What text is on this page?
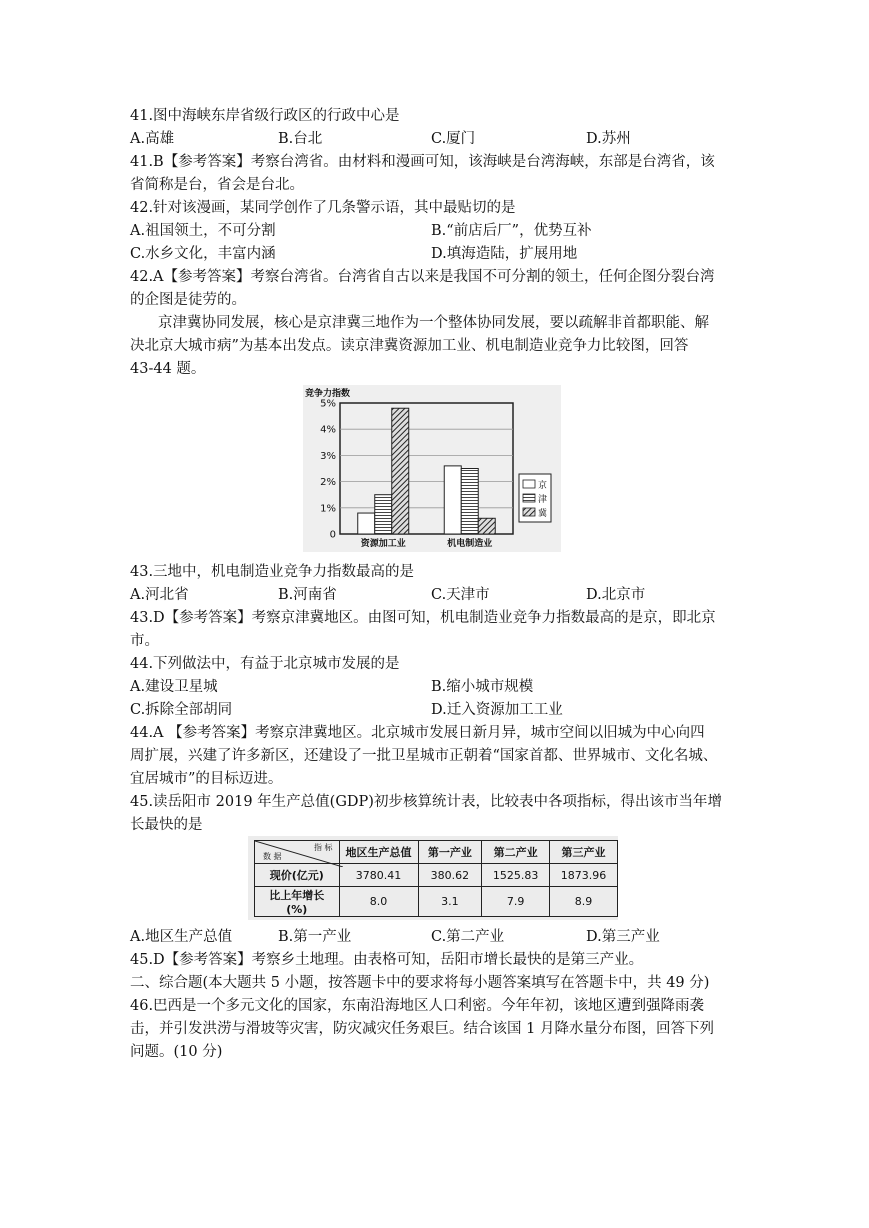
41.图中海峡东岸省级行政区的行政中心是
A.高雄	B.台北	C.厦门	D.苏州
41.B【参考答案】考察台湾省。由材料和漫画可知，该海峡是台湾海峡，东部是台湾省，该
省简称是台，省会是台北。
42.针对该漫画，某同学创作了几条警示语，其中最贴切的是
A.祖国领土，不可分割	B.“前店后厂”，优势互补
C.水乡文化，丰富内涵	D.填海造陆，扩展用地
42.A【参考答案】考察台湾省。台湾省自古以来是我国不可分割的领土，任何企图分裂台湾
的企图是徒劳的。
京津冀协同发展，核心是京津冀三地作为一个整体协同发展，要以疏解非首都职能、解
决北京大城市病”为基本出发点。读京津冀资源加工业、机电制造业竞争力比较图，回答
43-44 题。
竞争力指数
5%
4%
3%
2%
1%
0
资源加工业	机电制造业
京
津
冀
43.三地中，机电制造业竞争力指数最高的是
A.河北省	B.河南省	C.天津市	D.北京市
43.D【参考答案】考察京津冀地区。由图可知，机电制造业竞争力指数最高的是京，即北京
市。
44.下列做法中，有益于北京城市发展的是
A.建设卫星城	B.缩小城市规模
C.拆除全部胡同	D.迁入资源加工工业
44.A 【参考答案】考察京津冀地区。北京城市发展日新月异，城市空间以旧城为中心向四
周扩展，兴建了许多新区，还建设了一批卫星城市正朝着“国家首都、世界城市、文化名城、
宜居城市”的目标迈进。
45.读岳阳市 2019 年生产总值(GDP)初步核算统计表，比较表中各项指标，得出该市当年增
长最快的是
指 标
数 据	地区生产总值	第一产业	第二产业	第三产业
现价(亿元)	3780.41	380.62	1525.83	1873.96
比上年增长(%)	8.0	3.1	7.9	8.9
A.地区生产总值	B.第一产业	C.第二产业	D.第三产业
45.D【参考答案】考察乡土地理。由表格可知，岳阳市增长最快的是第三产业。
二、综合题(本大题共 5 小题，按答题卡中的要求将每小题答案填写在答题卡中，共 49 分)
46.巴西是一个多元文化的国家，东南沿海地区人口利密。今年年初，该地区遭到强降雨袭
击，并引发洪涝与滑坡等灾害，防灾减灾任务艰巨。结合该国 1 月降水量分布图，回答下列
问题。(10 分)
